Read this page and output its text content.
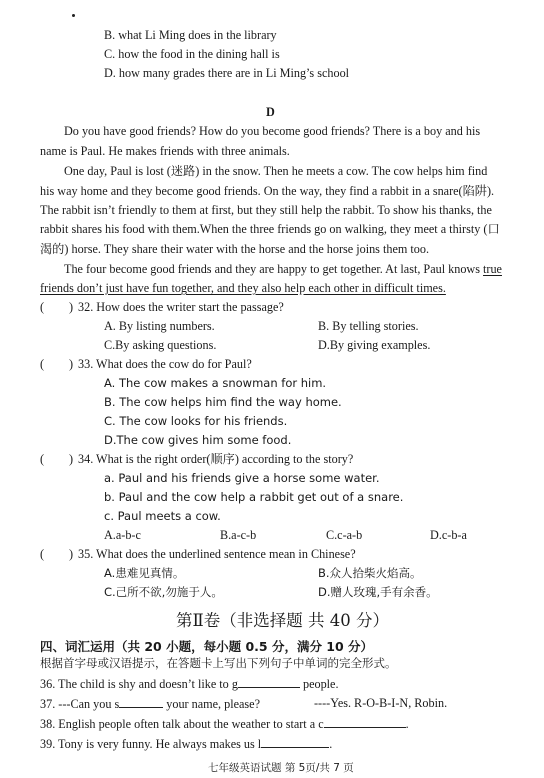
B. what Li Ming does in the library
C. how the food in the dining hall is
D. how many grades there are in Li Ming’s school
D
Do you have good friends? How do you become good friends? There is a boy and his
name is Paul. He makes friends with three animals.
One day, Paul is lost (迷路) in the snow. Then he meets a cow. The cow helps him find
his way home and they become good friends. On the way, they find a rabbit in a snare(陷阱).
The rabbit isn’t friendly to them at first, but they still help the rabbit. To show his thanks, the
rabbit shares his food with them.When the three friends go on walking, they meet a thirsty (口
渴的) horse. They share their water with the horse and the horse joins them too.
The four become good friends and they are happy to get together. At last, Paul knows true
friends don’t just have fun together, and they also help each other in difficult times.
( ) 32. How does the writer start the passage?
A. By listing numbers.	B. By telling stories.
C.By asking questions.	D.By giving examples.
( ) 33. What does the cow do for Paul?
A. The cow makes a snowman for him.
B. The cow helps him find the way home.
C. The cow looks for his friends.
D.The cow gives him some food.
( ) 34. What is the right order(顺序) according to the story?
a. Paul and his friends give a horse some water.
b. Paul and the cow help a rabbit get out of a snare.
c. Paul meets a cow.
A.a-b-c	B.a-c-b	C.c-a-b	D.c-b-a
( ) 35. What does the underlined sentence mean in Chinese?
A.患难见真情。	B.众人拾柴火焰高。
C.己所不欲,勿施于人。	D.赠人玫瑰,手有余香。
第Ⅱ卷（非选择题 共 40 分）
四、词汇运用（共 20 小题，每小题 0.5 分，满分 10 分）
根据首字母或汉语提示，在答题卡上写出下列句子中单词的完全形式。
36. The child is shy and doesn’t like to g	people.
37. ---Can you s	your name, please?	----Yes. R-O-B-I-N, Robin.
38. English people often talk about the weather to start a c	.
39. Tony is very funny. He always makes us l	.
七年级英语试题 第 5页/共 7 页
